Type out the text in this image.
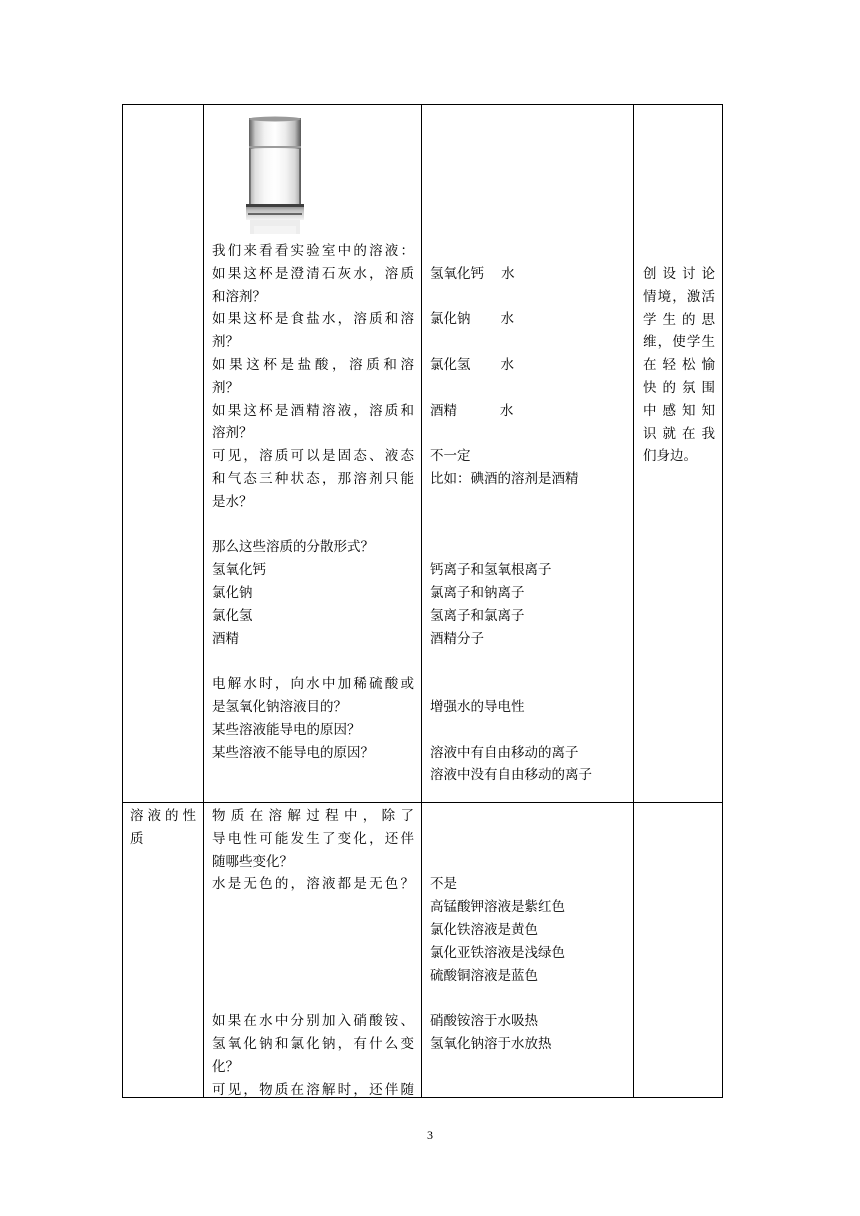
我们来看看实验室中的溶液：
如果这杯是澄清石灰水，溶质
和溶剂？
如果这杯是食盐水，溶质和溶
剂？
如果这杯是盐酸，溶质和溶
剂？
如果这杯是酒精溶液，溶质和
溶剂？
可见，溶质可以是固态、液态
和气态三种状态，那溶剂只能
是水？
那么这些溶质的分散形式？
氢氧化钙
氯化钠
氯化氢
酒精
电解水时，向水中加稀硫酸或
是氢氧化钠溶液目的？
某些溶液能导电的原因？
某些溶液不能导电的原因？
氢氧化钙    水
氯化钠       水
氯化氢       水
酒精          水
不一定
比如：碘酒的溶剂是酒精
钙离子和氢氧根离子
氯离子和钠离子
氢离子和氯离子
酒精分子
增强水的导电性
溶液中有自由移动的离子
溶液中没有自由移动的离子
创设讨论
情境，激活
学生的思
维，使学生
在轻松愉
快的氛围
中感知知
识就在我
们身边。
溶液的性
质
物质在溶解过程中，除了
导电性可能发生了变化，还伴
随哪些变化？
水是无色的，溶液都是无色？
如果在水中分别加入硝酸铵、
氢氧化钠和氯化钠，有什么变
化？
可见，物质在溶解时，还伴随
不是
高锰酸钾溶液是紫红色
氯化铁溶液是黄色
氯化亚铁溶液是浅绿色
硫酸铜溶液是蓝色
硝酸铵溶于水吸热
氢氧化钠溶于水放热
3
